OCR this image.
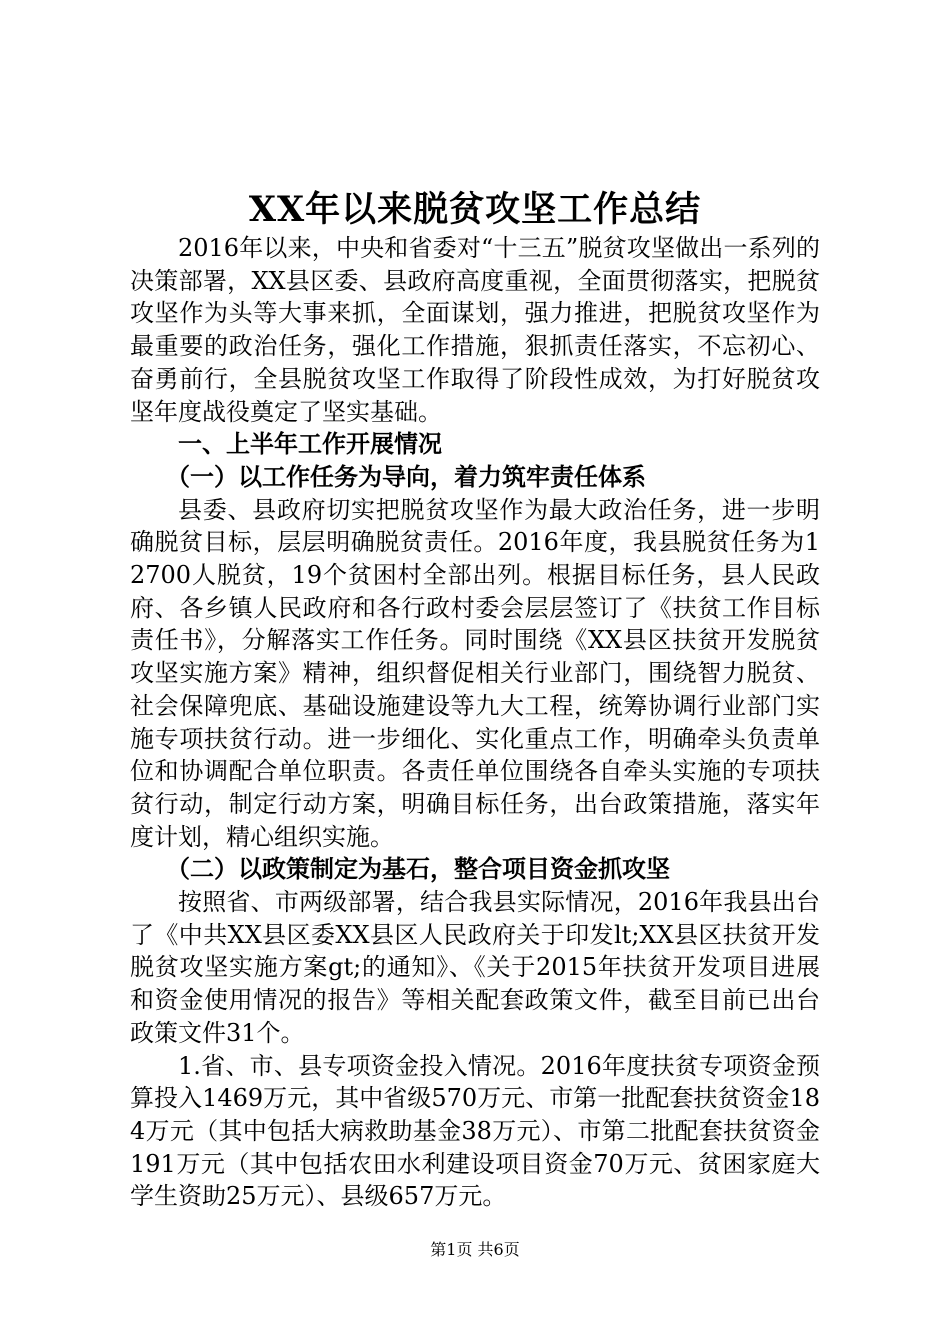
XX年以来脱贫攻坚工作总结

2016年以来，中央和省委对“十三五”脱贫攻坚做出一系列的决策部署，XX县区委、县政府高度重视，全面贯彻落实，把脱贫攻坚作为头等大事来抓，全面谋划，强力推进，把脱贫攻坚作为最重要的政治任务，强化工作措施，狠抓责任落实，不忘初心、奋勇前行，全县脱贫攻坚工作取得了阶段性成效，为打好脱贫攻坚年度战役奠定了坚实基础。

一、上半年工作开展情况

（一）以工作任务为导向，着力筑牢责任体系

县委、县政府切实把脱贫攻坚作为最大政治任务，进一步明确脱贫目标，层层明确脱贫责任。2016年度，我县脱贫任务为12700人脱贫，19个贫困村全部出列。根据目标任务，县人民政府、各乡镇人民政府和各行政村委会层层签订了《扶贫工作目标责任书》，分解落实工作任务。同时围绕《XX县区扶贫开发脱贫攻坚实施方案》精神，组织督促相关行业部门，围绕智力脱贫、社会保障兜底、基础设施建设等九大工程，统筹协调行业部门实施专项扶贫行动。进一步细化、实化重点工作，明确牵头负责单位和协调配合单位职责。各责任单位围绕各自牵头实施的专项扶贫行动，制定行动方案，明确目标任务，出台政策措施，落实年度计划，精心组织实施。

（二）以政策制定为基石，整合项目资金抓攻坚

按照省、市两级部署，结合我县实际情况，2016年我县出台了《中共XX县区委XX县区人民政府关于印发lt;XX县区扶贫开发脱贫攻坚实施方案gt;的通知》、《关于2015年扶贫开发项目进展和资金使用情况的报告》等相关配套政策文件，截至目前已出台政策文件31个。

1.省、市、县专项资金投入情况。2016年度扶贫专项资金预算投入1469万元，其中省级570万元、市第一批配套扶贫资金184万元（其中包括大病救助基金38万元）、市第二批配套扶贫资金191万元（其中包括农田水利建设项目资金70万元、贫困家庭大学生资助25万元）、县级657万元。

第1页 共6页
